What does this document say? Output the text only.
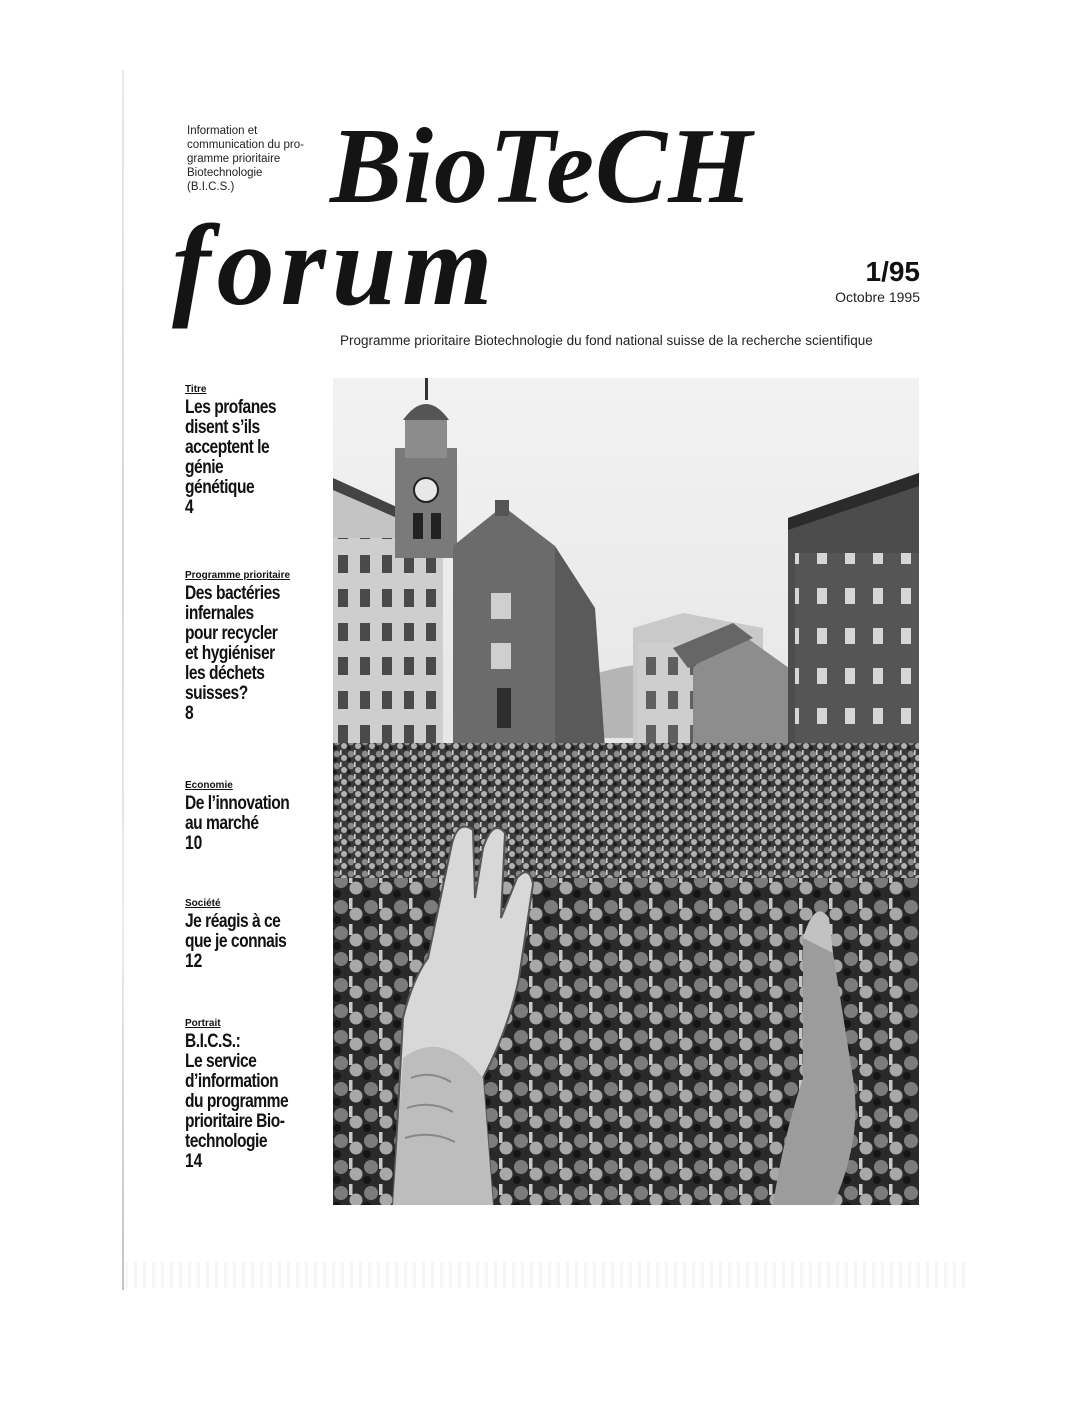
Information et
communication du pro-
gramme prioritaire
Biotechnologie
(B.I.C.S.) BioTeCH
forum	1/95
Octobre 1995
Programme prioritaire Biotechnologie du fond national suisse de la recherche scientifique
Titre
Les profanes
disent s’ils
acceptent le
génie
génétique
4
Programme prioritaire
Des bactéries
infernales
pour recycler
et hygiéniser
les déchets
suisses?
8
Economie
De l’innovation
au marché
10
Société
Je réagis à ce
que je connais
12
Portrait
B.I.C.S.:
Le service
d’information
du programme
prioritaire Bio-
technologie
14
